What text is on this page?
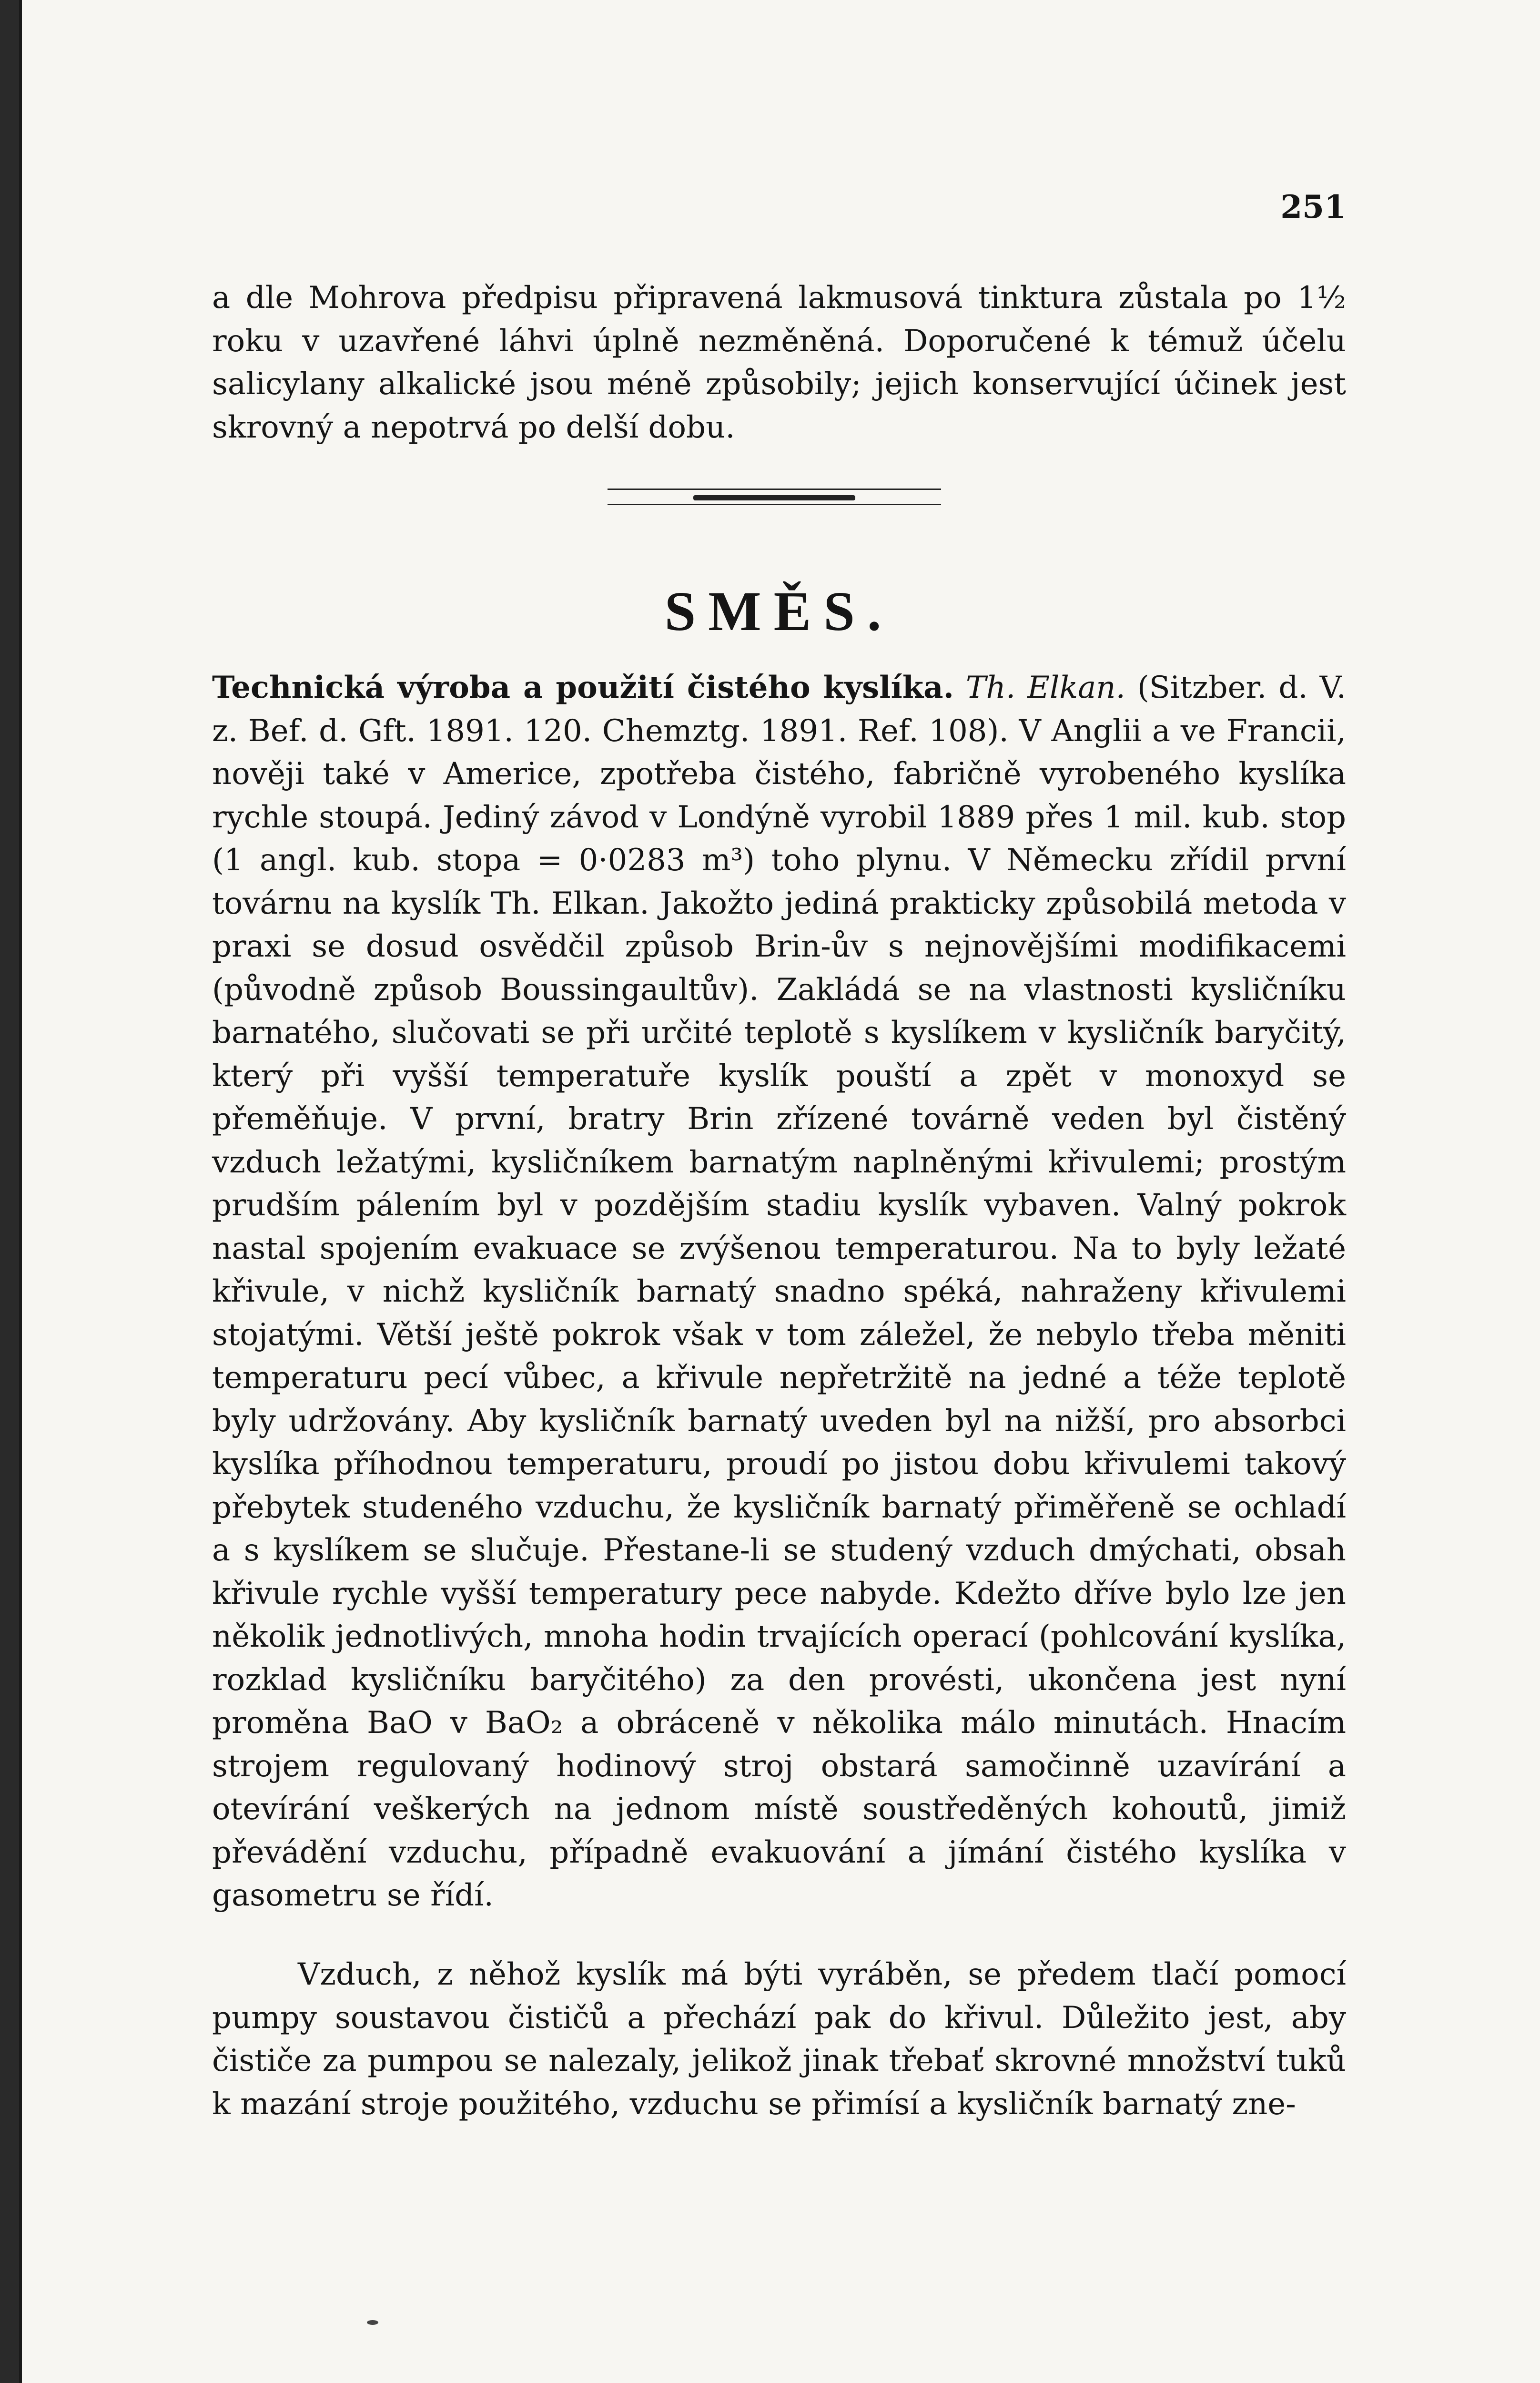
251

a dle Mohrova předpisu připravená lakmusová tinktura zůstala po 1½ roku v uzavřené láhvi úplně nezměněná. Doporučené k témuž účelu salicylany alkalické jsou méně způsobily; jejich konservující účinek jest skrovný a nepotrvá po delší dobu.

SMĚS.

Technická výroba a použití čistého kyslíka. Th. Elkan. (Sitzber. d. V. z. Bef. d. Gft. 1891. 120. Chemztg. 1891. Ref. 108). V Anglii a ve Francii, nověji také v Americe, zpotřeba čistého, fabričně vyrobeného kyslíka rychle stoupá. Jediný závod v Londýně vyrobil 1889 přes 1 mil. kub. stop (1 angl. kub. stopa = 0·0283 m³) toho plynu. V Německu zřídil první továrnu na kyslík Th. Elkan. Jakožto jediná prakticky způsobilá metoda v praxi se dosud osvědčil způsob Brin-ův s nejnovějšími modifikacemi (původně způsob Boussingaultův). Zakládá se na vlastnosti kysličníku barnatého, slučovati se při určité teplotě s kyslíkem v kysličník baryčitý, který při vyšší temperatuře kyslík pouští a zpět v monoxyd se přeměňuje. V první, bratry Brin zřízené továrně veden byl čistěný vzduch ležatými, kysličníkem barnatým naplněnými křivulemi; prostým prudším pálením byl v pozdějším stadiu kyslík vybaven. Valný pokrok nastal spojením evakuace se zvýšenou temperaturou. Na to byly ležaté křivule, v nichž kysličník barnatý snadno spéká, nahraženy křivulemi stojatými. Větší ještě pokrok však v tom záležel, že nebylo třeba měniti temperaturu pecí vůbec, a křivule nepřetržitě na jedné a téže teplotě byly udržovány. Aby kysličník barnatý uveden byl na nižší, pro absorbci kyslíka příhodnou temperaturu, proudí po jistou dobu křivulemi takový přebytek studeného vzduchu, že kysličník barnatý přiměřeně se ochladí a s kyslíkem se slučuje. Přestane-li se studený vzduch dmýchati, obsah křivule rychle vyšší temperatury pece nabyde. Kdežto dříve bylo lze jen několik jednotlivých, mnoha hodin trvajících operací (pohlcování kyslíka, rozklad kysličníku baryčitého) za den provésti, ukončena jest nyní proměna BaO v BaO₂ a obráceně v několika málo minutách. Hnacím strojem regulovaný hodinový stroj obstará samočinně uzavírání a otevírání veškerých na jednom místě soustředěných kohoutů, jimiž převádění vzduchu, případně evakuování a jímání čistého kyslíka v gasometru se řídí.

Vzduch, z něhož kyslík má býti vyráběn, se předem tlačí pomocí pumpy soustavou čističů a přechází pak do křivul. Důležito jest, aby čističe za pumpou se nalezaly, jelikož jinak třebať skrovné množství tuků k mazání stroje použitého, vzduchu se přimísí a kysličník barnatý zne-
